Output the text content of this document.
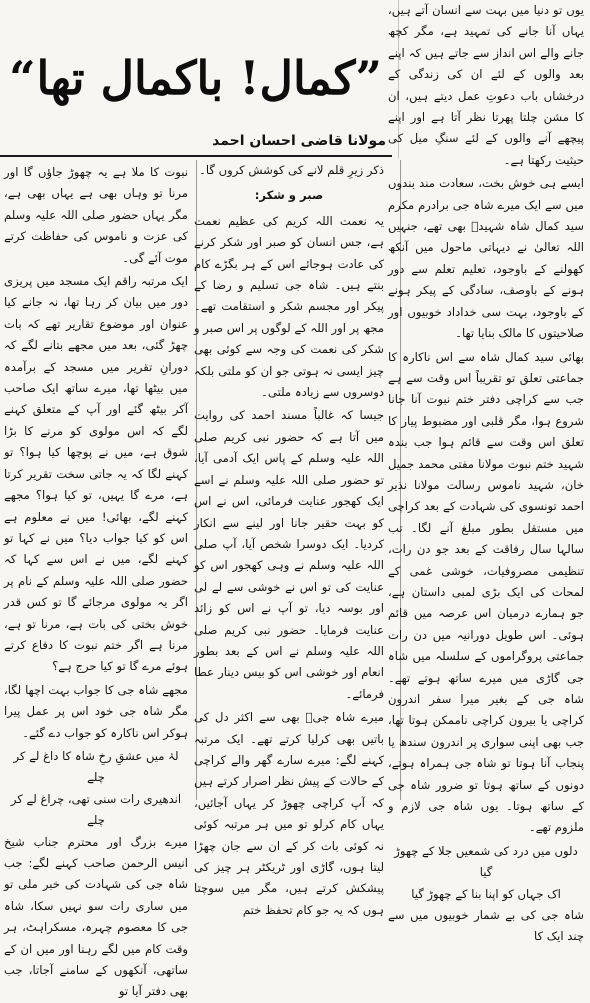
”
کمال! باکمال تھا
“
مولانا قاضی احسان احمد

یوں تو دنیا میں بہت سے انسان آتے ہیں، یہاں آنا جانے کی تمہید ہے، مگر کچھ جانے والے اس انداز سے جاتے ہیں کہ اپنے بعد والوں کے لئے ان کی زندگی کے درخشاں باب دعوتِ عمل دیتے ہیں، ان کا مشن چلتا پھرتا نظر آتا ہے اور اپنے پیچھے آنے والوں کے لئے سنگِ میل کی حیثیت رکھتا ہے۔

ایسے ہی خوش بخت، سعادت مند بندوں میں سے ایک میرے شاہ جی برادرم مکرم سید کمال شاہ شہیدؒ بھی تھے، جنہیں اللہ تعالیٰ نے دیہاتی ماحول میں آنکھ کھولنے کے باوجود، تعلیم تعلم سے دور ہونے کے باوصف، سادگی کے پیکر ہونے کے باوجود، بہت سی خداداد خوبیوں اور صلاحیتوں کا مالک بنایا تھا۔

بھائی سید کمال شاہ سے اس ناکارہ کا جماعتی تعلق تو تقریباً اس وقت سے ہے جب سے کراچی دفتر ختم نبوت آنا جانا شروع ہوا، مگر قلبی اور مضبوط پیار کا تعلق اس وقت سے قائم ہوا جب بندہ شہید ختم نبوت مولانا مفتی محمد جمیل خان، شہید ناموس رسالت مولانا نذیر احمد تونسوی کی شہادت کے بعد کراچی میں مستقل بطور مبلغ آنے لگا۔ تب سالہا سال رفاقت کے بعد جو دن رات، تنظیمی مصروفیات، خوشی غمی کے لمحات کی ایک بڑی لمبی داستان ہے، جو ہمارے درمیان اس عرصہ میں قائم ہوئی۔ اس طویل دورانیہ میں دن رات جماعتی پروگراموں کے سلسلہ میں شاہ جی گاڑی میں میرے ساتھ ہوتے تھے۔ شاہ جی کے بغیر میرا سفر اندرون کراچی یا بیرون کراچی ناممکن ہوتا تھا، جب بھی اپنی سواری پر اندرون سندھ یا پنجاب آنا ہوتا تو شاہ جی ہمراہ ہوتے، دونوں کے ساتھ ہوتا تو ضرور شاہ جی کے ساتھ ہوتا۔ یوں شاہ جی لازم و ملزوم تھے۔

دلوں میں درد کی شمعیں جلا کے چھوڑ گیا

اک جہاں کو اپنا بنا کے چھوڑ گیا

شاہ جی کی بے شمار خوبیوں میں سے چند ایک کا

ذکر زیرِ قلم لانے کی کوشش کروں گا۔

صبر و شکر:

یہ نعمت اللہ کریم کی عظیم نعمت ہے، جس انسان کو صبر اور شکر کرنے کی عادت ہوجائے اس کے ہر بگڑے کام بنتے ہیں۔ شاہ جی تسلیم و رضا کے پیکر اور مجسم شکر و استقامت تھے۔ مجھ پر اور اللہ کے لوگوں پر اس صبر و شکر کی نعمت کی وجہ سے کوئی بھی چیز ایسی نہ ہوتی جو ان کو ملتی بلکہ دوسروں سے زیادہ ملتی۔

جیسا کہ غالباً مسند احمد کی روایت میں آتا ہے کہ حضور نبی کریم صلی اللہ علیہ وسلم کے پاس ایک آدمی آیا، تو حضور صلی اللہ علیہ وسلم نے اسے ایک کھجور عنایت فرمائی، اس نے اس کو بہت حقیر جانا اور لینے سے انکار کردیا۔ ایک دوسرا شخص آیا، آپ صلی اللہ علیہ وسلم نے وہی کھجور اس کو عنایت کی تو اس نے خوشی سے لے لی اور بوسہ دیا، تو آپ نے اس کو زائد عنایت فرمایا۔ حضور نبی کریم صلی اللہ علیہ وسلم نے اس کے بعد بطور انعام اور خوشی اس کو بیس دینار عطا فرمائے۔

میرے شاہ جیؒ بھی سے اکثر دل کی باتیں بھی کرلیا کرتے تھے۔ ایک مرتبہ کہنے لگے: میرے سارے گھر والے کراچی کے حالات کے پیش نظر اصرار کرتے ہیں کہ آپ کراچی چھوڑ کر یہاں آجائیں، یہاں کام کرلو تو میں ہر مرتبہ کوئی نہ کوئی بات کر کے ان سے جان چھڑا لیتا ہوں، گاڑی اور ٹریکٹر ہر چیز کی پیشکش کرتے ہیں، مگر میں سوچتا ہوں کہ یہ جو کام تحفظ ختم

نبوت کا ملا ہے یہ چھوڑ جاؤں گا اور مرنا تو وہاں بھی ہے یہاں بھی ہے، مگر یہاں حضور صلی اللہ علیہ وسلم کی عزت و ناموس کی حفاظت کرتے موت آئے گی۔

ایک مرتبہ راقم ایک مسجد میں پریزی دور میں بیان کر رہا تھا، نہ جانے کیا عنوان اور موضوع تقاریر تھے کہ بات چھڑ گئی، بعد میں مجھے بتانے لگے کہ دورانِ تقریر میں مسجد کے برآمدہ میں بیٹھا تھا، میرے ساتھ ایک صاحب آکر بیٹھ گئے اور آپ کے متعلق کہنے لگے کہ اس مولوی کو مرنے کا بڑا شوق ہے، میں نے پوچھا کیا ہوا؟ تو کہنے لگا کہ یہ جاتی سخت تقریر کرتا ہے، مرے گا یہیں، تو کیا ہوا؟ مجھے کہنے لگے، بھائی! میں نے معلوم ہے اس کو کیا جواب دیا؟ میں نے کہا تو کہنے لگے، میں نے اس سے کہا کہ حضور صلی اللہ علیہ وسلم کے نام پر اگر یہ مولوی مرجائے گا تو کس قدر خوش بختی کی بات ہے، مرنا تو ہے، مرنا ہے اگر ختم نبوت کا دفاع کرتے ہوئے مرے گا تو کیا حرج ہے؟

مجھے شاہ جی کا جواب بہت اچھا لگا، مگر شاہ جی خود اس پر عمل پیرا ہوکر اس ناکارہ کو جواب دے گئے۔

لہٰ میں عشقِ رخِ شاہ کا داغ لے کر چلے

اندھیری رات سنی تھی، چراغ لے کر چلے

میرے بزرگ اور محترم جناب شیخ انیس الرحمن صاحب کہنے لگے: جب شاہ جی کی شہادت کی خبر ملی تو میں ساری رات سو نہیں سکا، شاہ جی کا معصوم چہرہ، مسکراہٹ، ہر وقت کام میں لگے رہنا اور میں ان کے ساتھی، آنکھوں کے سامنے آجاتا، جب بھی دفتر آیا تو
